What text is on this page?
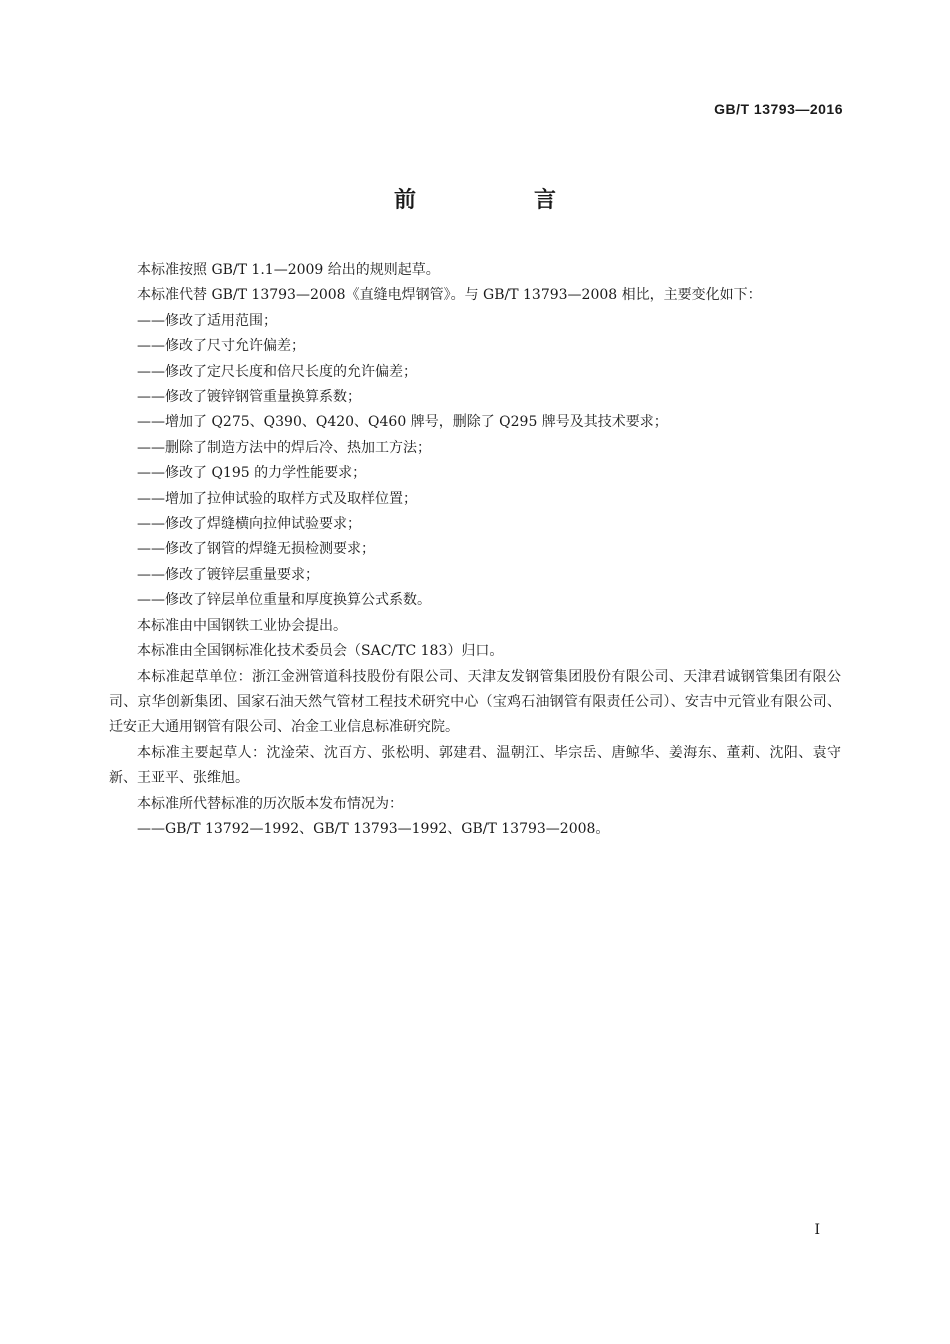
GB/T 13793—2016
前　言

本标准按照 GB/T 1.1—2009 给出的规则起草。

本标准代替 GB/T 13793—2008《直缝电焊钢管》。与 GB/T 13793—2008 相比，主要变化如下：

——修改了适用范围；

——修改了尺寸允许偏差；

——修改了定尺长度和倍尺长度的允许偏差；

——修改了镀锌钢管重量换算系数；

——增加了 Q275、Q390、Q420、Q460 牌号，删除了 Q295 牌号及其技术要求；

——删除了制造方法中的焊后冷、热加工方法；

——修改了 Q195 的力学性能要求；

——增加了拉伸试验的取样方式及取样位置；

——修改了焊缝横向拉伸试验要求；

——修改了钢管的焊缝无损检测要求；

——修改了镀锌层重量要求；

——修改了锌层单位重量和厚度换算公式系数。

本标准由中国钢铁工业协会提出。

本标准由全国钢标准化技术委员会（SAC/TC 183）归口。

本标准起草单位：浙江金洲管道科技股份有限公司、天津友发钢管集团股份有限公司、天津君诚钢管集团有限公司、京华创新集团、国家石油天然气管材工程技术研究中心（宝鸡石油钢管有限责任公司）、安吉中元管业有限公司、迁安正大通用钢管有限公司、冶金工业信息标准研究院。

本标准主要起草人：沈淦荣、沈百方、张松明、郭建君、温朝江、毕宗岳、唐鲸华、姜海东、董莉、沈阳、袁守新、王亚平、张维旭。

本标准所代替标准的历次版本发布情况为：

——GB/T 13792—1992、GB/T 13793—1992、GB/T 13793—2008。

I
